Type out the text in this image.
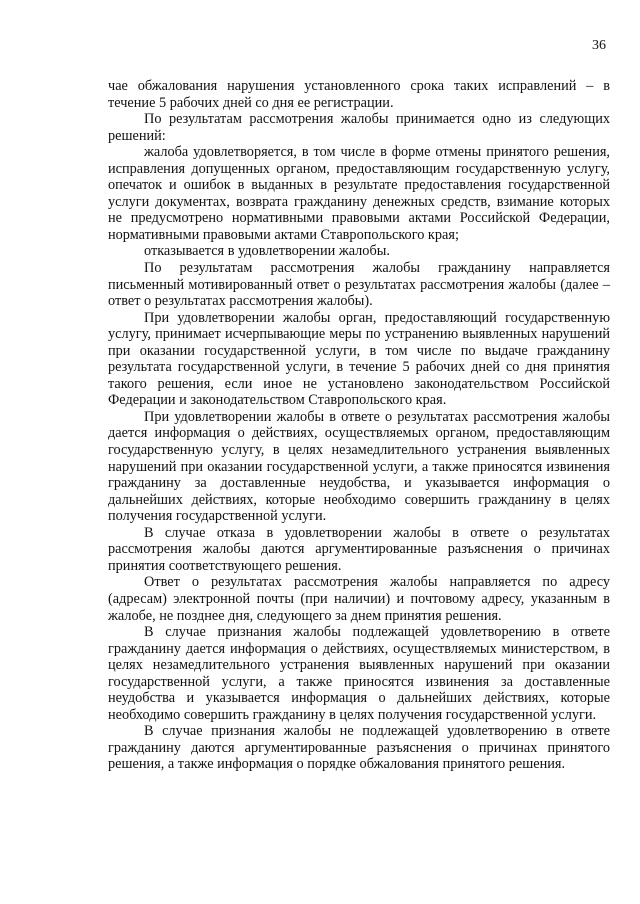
36

чае обжалования нарушения установленного срока таких исправлений – в течение 5 рабочих дней со дня ее регистрации.

По результатам рассмотрения жалобы принимается одно из следующих решений:

жалоба удовлетворяется, в том числе в форме отмены принятого решения, исправления допущенных органом, предоставляющим государственную услугу, опечаток и ошибок в выданных в результате предоставления государственной услуги документах, возврата гражданину денежных средств, взимание которых не предусмотрено нормативными правовыми актами Российской Федерации, нормативными правовыми актами Ставропольского края;

отказывается в удовлетворении жалобы.

По результатам рассмотрения жалобы гражданину направляется письменный мотивированный ответ о результатах рассмотрения жалобы (далее – ответ о результатах рассмотрения жалобы).

При удовлетворении жалобы орган, предоставляющий государственную услугу, принимает исчерпывающие меры по устранению выявленных нарушений при оказании государственной услуги, в том числе по выдаче гражданину результата государственной услуги, в течение 5 рабочих дней со дня принятия такого решения, если иное не установлено законодательством Российской Федерации и законодательством Ставропольского края.

При удовлетворении жалобы в ответе о результатах рассмотрения жалобы дается информация о действиях, осуществляемых органом, предоставляющим государственную услугу, в целях незамедлительного устранения выявленных нарушений при оказании государственной услуги, а также приносятся извинения гражданину за доставленные неудобства, и указывается информация о дальнейших действиях, которые необходимо совершить гражданину в целях получения государственной услуги.

В случае отказа в удовлетворении жалобы в ответе о результатах рассмотрения жалобы даются аргументированные разъяснения о причинах принятия соответствующего решения.

Ответ о результатах рассмотрения жалобы направляется по адресу (адресам) электронной почты (при наличии) и почтовому адресу, указанным в жалобе, не позднее дня, следующего за днем принятия решения.

В случае признания жалобы подлежащей удовлетворению в ответе гражданину дается информация о действиях, осуществляемых министерством, в целях незамедлительного устранения выявленных нарушений при оказании государственной услуги, а также приносятся извинения за доставленные неудобства и указывается информация о дальнейших действиях, которые необходимо совершить гражданину в целях получения государственной услуги.

В случае признания жалобы не подлежащей удовлетворению в ответе гражданину даются аргументированные разъяснения о причинах принятого решения, а также информация о порядке обжалования принятого решения.
